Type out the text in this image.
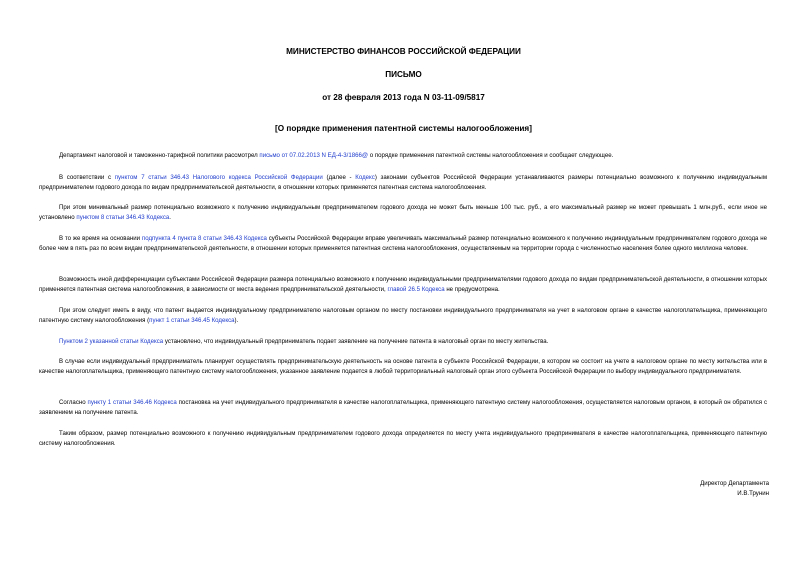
МИНИСТЕРСТВО ФИНАНСОВ РОССИЙСКОЙ ФЕДЕРАЦИИ
ПИСЬМО
от 28 февраля 2013 года N 03-11-09/5817
[О порядке применения патентной системы налогообложения]

Департамент налоговой и таможенно-тарифной политики рассмотрел письмо от 07.02.2013 N ЕД-4-3/1866@ о порядке применения патентной системы налогообложения и сообщает следующее.

В соответствии с пунктом 7 статьи 346.43 Налогового кодекса Российской Федерации (далее - Кодекс) законами субъектов Российской Федерации устанавливаются размеры потенциально возможного к получению индивидуальным предпринимателем годового дохода по видам предпринимательской деятельности, в отношении которых применяется патентная система налогообложения.

При этом минимальный размер потенциально возможного к получению индивидуальным предпринимателем годового дохода не может быть меньше 100 тыс. руб., а его максимальный размер не может превышать 1 млн.руб., если иное не установлено пунктом 8 статьи 346.43 Кодекса.

В то же время на основании подпункта 4 пункта 8 статьи 346.43 Кодекса субъекты Российской Федерации вправе увеличивать максимальный размер потенциально возможного к получению индивидуальным предпринимателем годового дохода не более чем в пять раз по всем видам предпринимательской деятельности, в отношении которых применяется патентная система налогообложения, осуществляемым на территории города с численностью населения более одного миллиона человек.

Возможность иной дифференциации субъектами Российской Федерации размера потенциально возможного к получению индивидуальными предпринимателями годового дохода по видам предпринимательской деятельности, в отношении которых применяется патентная система налогообложения, в зависимости от места ведения предпринимательской деятельности, главой 26.5 Кодекса не предусмотрена.

При этом следует иметь в виду, что патент выдается индивидуальному предпринимателю налоговым органом по месту постановки индивидуального предпринимателя на учет в налоговом органе в качестве налогоплательщика, применяющего патентную систему налогообложения (пункт 1 статьи 346.45 Кодекса).

Пунктом 2 указанной статьи Кодекса установлено, что индивидуальный предприниматель подает заявление на получение патента в налоговый орган по месту жительства.

В случае если индивидуальный предприниматель планирует осуществлять предпринимательскую деятельность на основе патента в субъекте Российской Федерации, в котором не состоит на учете в налоговом органе по месту жительства или в качестве налогоплательщика, применяющего патентную систему налогообложения, указанное заявление подается в любой территориальный налоговый орган этого субъекта Российской Федерации по выбору индивидуального предпринимателя.

Согласно пункту 1 статьи 346.46 Кодекса постановка на учет индивидуального предпринимателя в качестве налогоплательщика, применяющего патентную систему налогообложения, осуществляется налоговым органом, в который он обратился с заявлением на получение патента.

Таким образом, размер потенциально возможного к получению индивидуальным предпринимателем годового дохода определяется по месту учета индивидуального предпринимателя в качестве налогоплательщика, применяющего патентную систему налогообложения.

Директор Департамента
И.В.Трунин
